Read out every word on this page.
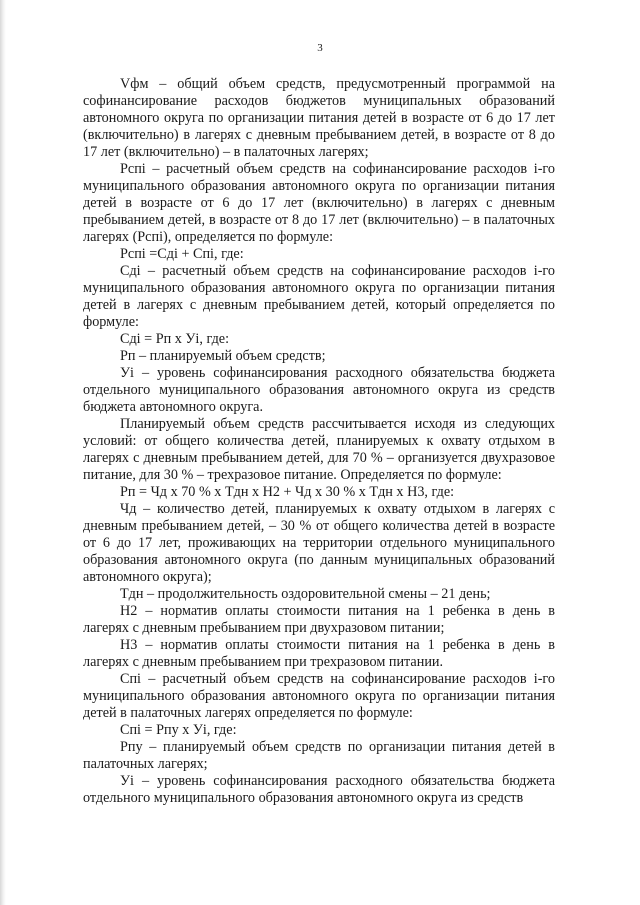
3

Vфм – общий объем средств, предусмотренный программой на софинансирование расходов бюджетов муниципальных образований автономного округа по организации питания детей в возрасте от 6 до 17 лет (включительно) в лагерях с дневным пребыванием детей, в возрасте от 8 до 17 лет (включительно) – в палаточных лагерях;

Рспi – расчетный объем средств на софинансирование расходов i-го муниципального образования автономного округа по организации питания детей в возрасте от 6 до 17 лет (включительно) в лагерях с дневным пребыванием детей, в возрасте от 8 до 17 лет (включительно) – в палаточных лагерях (Рспi), определяется по формуле:

Рспi =Сдi + Спi, где:

Сдi – расчетный объем средств на софинансирование расходов i-го муниципального образования автономного округа по организации питания детей в лагерях с дневным пребыванием детей, который определяется по формуле:

Сдi = Рп х Уi, где:

Рп – планируемый объем средств;

Уi – уровень софинансирования расходного обязательства бюджета отдельного муниципального образования автономного округа из средств бюджета автономного округа.

Планируемый объем средств рассчитывается исходя из следующих условий: от общего количества детей, планируемых к охвату отдыхом в лагерях с дневным пребыванием детей, для 70 % – организуется двухразовое питание, для 30 % – трехразовое питание. Определяется по формуле:

Рп = Чд х 70 % х Тдн х Н2 + Чд х 30 % х Тдн х Н3, где:

Чд – количество детей, планируемых к охвату отдыхом в лагерях с дневным пребыванием детей, – 30 % от общего количества детей в возрасте от 6 до 17 лет, проживающих на территории отдельного муниципального образования автономного округа (по данным муниципальных образований автономного округа);

Тдн – продолжительность оздоровительной смены – 21 день;

Н2 – норматив оплаты стоимости питания на 1 ребенка в день в лагерях с дневным пребыванием при двухразовом питании;

Н3 – норматив оплаты стоимости питания на 1 ребенка в день в лагерях с дневным пребыванием при трехразовом питании.

Спi – расчетный объем средств на софинансирование расходов i-го муниципального образования автономного округа по организации питания детей в палаточных лагерях определяется по формуле:

Спi = Рпу х Уi, где:

Рпу – планируемый объем средств по организации питания детей в палаточных лагерях;

Уi – уровень софинансирования расходного обязательства бюджета отдельного муниципального образования автономного округа из средств
